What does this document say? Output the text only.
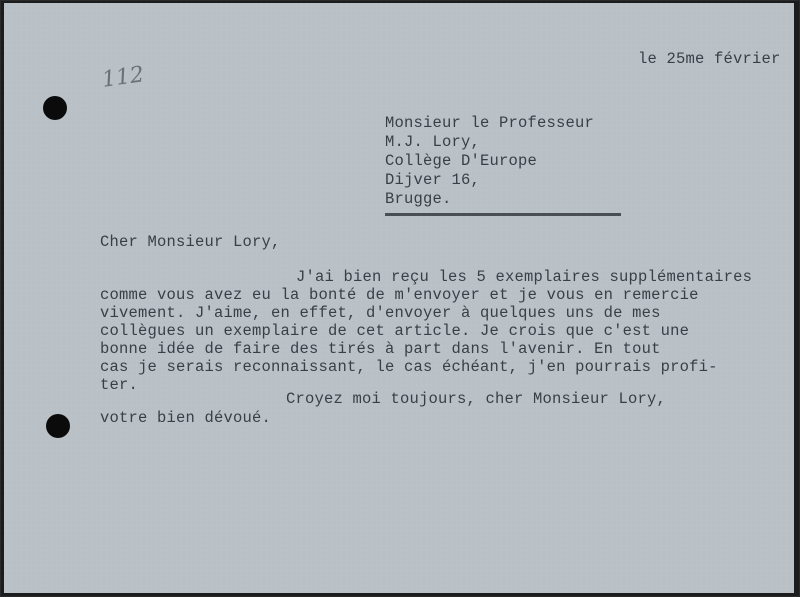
112
le 25me février
Monsieur le Professeur
M.J. Lory,
Collège D'Europe
Dijver 16,
Brugge.
Cher Monsieur Lory,
J'ai bien reçu les 5 exemplaires supplémentaires
comme vous avez eu la bonté de m'envoyer et je vous en remercie
vivement. J'aime, en effet, d'envoyer à quelques uns de mes
collègues un exemplaire de cet article. Je crois que c'est une
bonne idée de faire des tirés à part dans l'avenir. En tout
cas je serais reconnaissant, le cas échéant, j'en pourrais profi-
ter.
Croyez moi toujours, cher Monsieur Lory,
votre bien dévoué.
